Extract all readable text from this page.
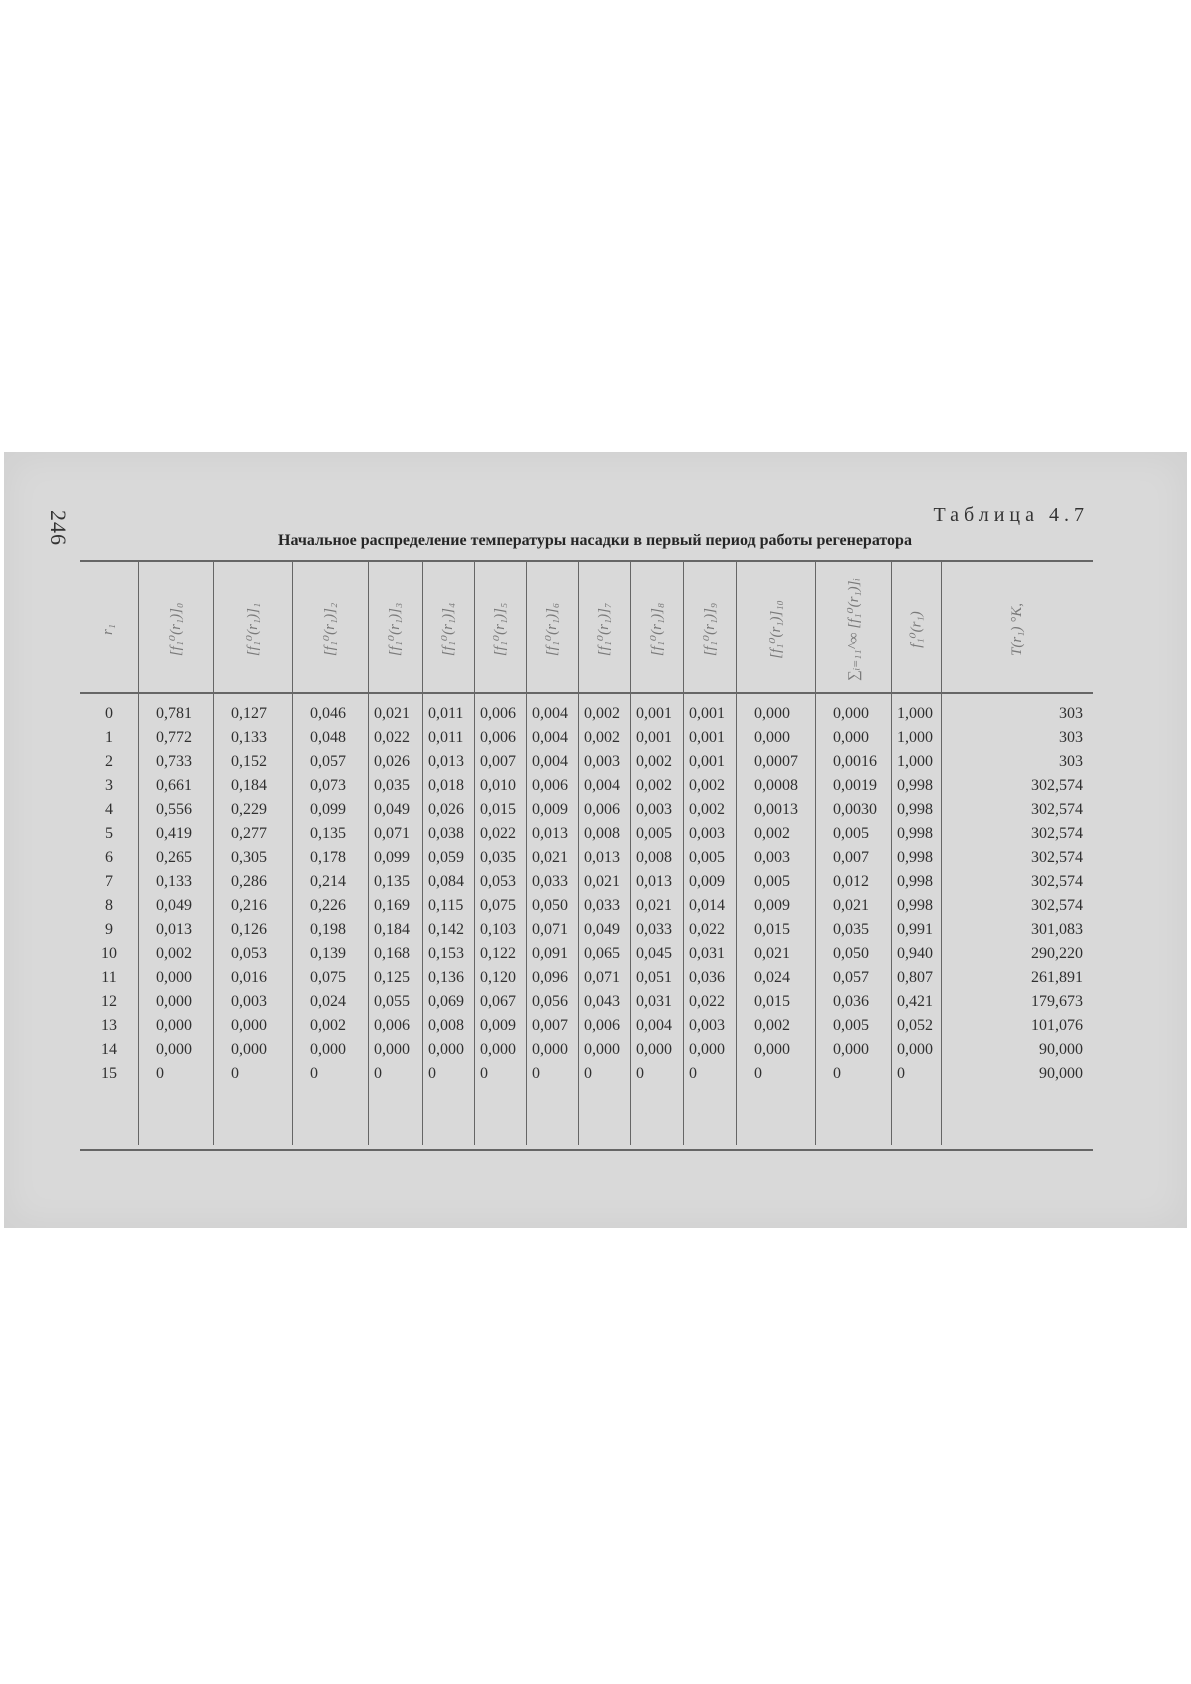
246	Таблица 4.7
Начальное распределение температуры насадки в первый период работы регенератора
r₁	[f₁⁰(r₁)]₀	[f₁⁰(r₁)]₁	[f₁⁰(r₁)]₂	[f₁⁰(r₁)]₃ [f₁⁰(r₁)]₄ [f₁⁰(r₁)]₅ [f₁⁰(r₁)]₆ [f₁⁰(r₁)]₇ [f₁⁰(r₁)]₈ [f₁⁰(r₁)]₉	[f₁⁰(r₁)]₁₀	∑ᵢ₌₁₁^∞ [f₁⁰(r₁)]ᵢ	f₁⁰(r₁)	T(r₁) °K,
0	0,781	0,127	0,046	0,021	0,011	0,006	0,004	0,002	0,001	0,001	0,000	0,000	1,000	303
1	0,772	0,133	0,048	0,022	0,011	0,006	0,004	0,002	0,001	0,001	0,000	0,000	1,000	303
2	0,733	0,152	0,057	0,026	0,013	0,007	0,004	0,003	0,002	0,001	0,0007	0,0016	1,000	303
3	0,661	0,184	0,073	0,035	0,018	0,010	0,006	0,004	0,002	0,002	0,0008	0,0019	0,998	302,574
4	0,556	0,229	0,099	0,049	0,026	0,015	0,009	0,006	0,003	0,002	0,0013	0,0030	0,998	302,574
5	0,419	0,277	0,135	0,071	0,038	0,022	0,013	0,008	0,005	0,003	0,002	0,005	0,998	302,574
6	0,265	0,305	0,178	0,099	0,059	0,035	0,021	0,013	0,008	0,005	0,003	0,007	0,998	302,574
7	0,133	0,286	0,214	0,135	0,084	0,053	0,033	0,021	0,013	0,009	0,005	0,012	0,998	302,574
8	0,049	0,216	0,226	0,169	0,115	0,075	0,050	0,033	0,021	0,014	0,009	0,021	0,998	302,574
9	0,013	0,126	0,198	0,184	0,142	0,103	0,071	0,049	0,033	0,022	0,015	0,035	0,991	301,083
10	0,002	0,053	0,139	0,168	0,153	0,122	0,091	0,065	0,045	0,031	0,021	0,050	0,940	290,220
11	0,000	0,016	0,075	0,125	0,136	0,120	0,096	0,071	0,051	0,036	0,024	0,057	0,807	261,891
12	0,000	0,003	0,024	0,055	0,069	0,067	0,056	0,043	0,031	0,022	0,015	0,036	0,421	179,673
13	0,000	0,000	0,002	0,006	0,008	0,009	0,007	0,006	0,004	0,003	0,002	0,005	0,052	101,076
14	0,000	0,000	0,000	0,000	0,000	0,000	0,000	0,000	0,000	0,000	0,000	0,000	0,000	90,000
15	0	0	0	0	0	0	0	0	0	0	0	0	0	90,000
